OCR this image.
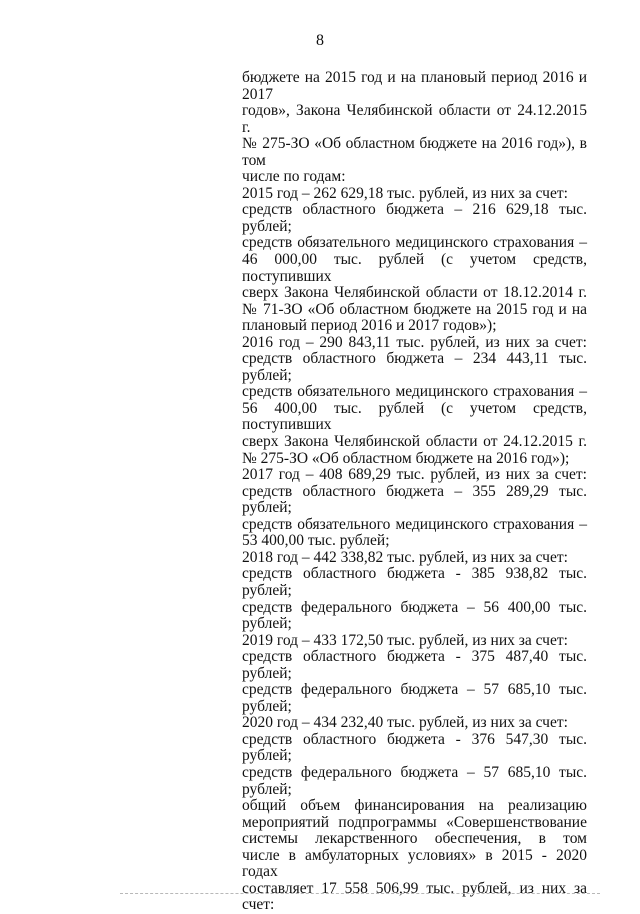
8
бюджете на 2015 год и на плановый период 2016 и 2017
годов», Закона Челябинской области от 24.12.2015 г.
№ 275-ЗО «Об областном бюджете на 2016 год»), в том
числе по годам:
2015 год – 262 629,18 тыс. рублей, из них за счет:
средств областного бюджета – 216 629,18 тыс.
рублей;
средств обязательного медицинского страхования –
46 000,00 тыс. рублей (с учетом средств, поступивших
сверх Закона Челябинской области от 18.12.2014 г.
№ 71-ЗО «Об областном бюджете на 2015 год и на
плановый период 2016 и 2017 годов»);
2016 год – 290 843,11 тыс. рублей, из них за счет:
средств областного бюджета – 234 443,11 тыс.
рублей;
средств обязательного медицинского страхования –
56 400,00 тыс. рублей (с учетом средств, поступивших
сверх Закона Челябинской области от 24.12.2015 г.
№ 275-ЗО «Об областном бюджете на 2016 год»);
2017 год – 408 689,29 тыс. рублей, из них за счет:
средств областного бюджета – 355 289,29 тыс.
рублей;
средств обязательного медицинского страхования –
53 400,00 тыс. рублей;
2018 год – 442 338,82 тыс. рублей, из них за счет:
средств областного бюджета - 385 938,82 тыс.
рублей;
средств федерального бюджета – 56 400,00 тыс.
рублей;
2019 год – 433 172,50 тыс. рублей, из них за счет:
средств областного бюджета - 375 487,40 тыс.
рублей;
средств федерального бюджета – 57 685,10 тыс.
рублей;
2020 год – 434 232,40 тыс. рублей, из них за счет:
средств областного бюджета - 376 547,30 тыс.
рублей;
средств федерального бюджета – 57 685,10 тыс.
рублей;
общий объем финансирования на реализацию
мероприятий подпрограммы «Совершенствование
системы лекарственного обеспечения, в том
числе в амбулаторных условиях» в 2015 - 2020 годах
составляет 17 558 506,99 тыс. рублей, из них за счет:
